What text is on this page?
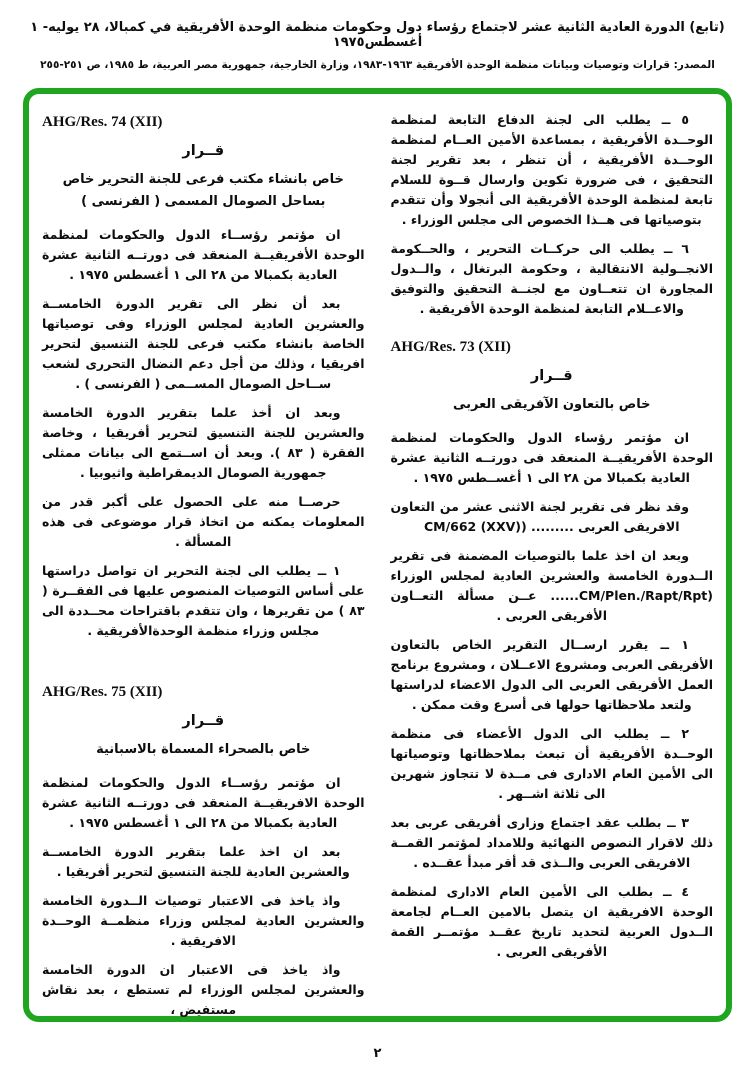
(تابع) الدورة العادية الثانية عشر لاجتماع رؤساء دول وحكومات منظمة الوحدة الأفريقية في كمبالا، ٢٨ يوليه- ١ أغسطس١٩٧٥
المصدر: قرارات وتوصيات وبيانات منظمة الوحدة الأفريقية ١٩٦٣-١٩٨٣، وزارة الخارجية، جمهورية مصر العربية، ط ١٩٨٥، ص ٢٥١-٢٥٥

٥ ــ يطلب الى لجنة الدفاع التابعة لمنظمة الوحــدة الأفريقية ، بمساعدة الأمين العــام لمنظمة الوحــدة الأفريقية ، أن تنظر ، بعد تقرير لجنة التحقيق ، فى ضرورة تكوين وارسال قــوة للسلام تابعة لمنظمة الوحدة الأفريقية الى أنجولا وأن تتقدم بتوصياتها فى هــذا الخصوص الى مجلس الوزراء .

٦ ــ يطلب الى حركــات التحرير ، والحــكومة الانجــولية الانتقالية ، وحكومة البرتغال ، والــدول المجاورة ان تتعــاون مع لجنــة التحقيق والتوفيق والاعــلام التابعة لمنظمة الوحدة الأفريقية .

AHG/Res. 73 (XII)
قــرار
خاص بالتعاون الآفريقى العربى

ان مؤتمر رؤساء الدول والحكومات لمنظمة الوحدة الأفريقيــة المنعقد فى دورتــه الثانية عشرة العادية بكمبالا من ٢٨ الى ١ أغســطس ١٩٧٥ .

وقد نظر فى تقرير لجنة الاثنى عشر من التعاون الافريقى العربى ......... (CM/662 (XXV)

وبعد ان اخذ علما بالتوصيات المضمنة فى تقرير الــدورة الخامسة والعشرين العادية لمجلس الوزراء (CM/Plen./Rapt/Rpt...... عــن مسألة التعــاون الأفريقى العربى .

١ ــ يقرر ارســال التقرير الخاص بالتعاون الأفريقى العربى ومشروع الاعــلان ، ومشروع برنامج العمل الأفريقى العربى الى الدول الاعضاء لدراستها ولتعد ملاحظاتها حولها فى أسرع وقت ممكن .

٢ ــ يطلب الى الدول الأعضاء فى منظمة الوحــدة الأفريقية أن تبعث بملاحظاتها وتوصياتها الى الأمين العام الادارى فى مــدة لا تتجاوز شهرين الى ثلاثة اشــهر .

٣ ــ بطلب عقد اجتماع وزارى أفريقى عربى بعد ذلك لاقرار النصوص النهائية وللامداد لمؤتمر القمــة الافريقى العربى والــذى قد أقر مبدأ عقــده .

٤ ــ بطلب الى الأمين العام الادارى لمنظمة الوحدة الافريقية ان يتصل بالامين العــام لجامعة الــدول العربية لتحديد تاريخ عقــد مؤتمــر القمة الأفريقى العربى .

AHG/Res. 74 (XII)
قــرار
خاص بانشاء مكتب فرعى للجنة التحرير خاص بساحل الصومال المسمى ( الفرنسى )

ان مؤتمر رؤســاء الدول والحكومات لمنظمة الوحدة الأفريقيــة المنعقد فى دورتــه الثانية عشرة العادية بكمبالا من ٢٨ الى ١ أغسطس ١٩٧٥ .

بعد أن نظر الى تقرير الدورة الخامســة والعشرين العادية لمجلس الوزراء وفى توصياتها الخاصة بانشاء مكتب فرعى للجنة التنسيق لتحرير افريقيا ، وذلك من أجل دعم النضال التحررى لشعب ســاحل الصومال المســمى ( الفرنسى ) .

وبعد ان أخذ علما بتقرير الدورة الخامسة والعشرين للجنة التنسيق لتحرير أفريقيا ، وخاصة الفقرة ( ٨٣ ). وبعد أن اســتمع الى بيانات ممثلى جمهورية الصومال الديمقراطية واثيوبيا .

حرصــا منه على الحصول على أكبر قدر من المعلومات يمكنه من اتخاذ قرار موضوعى فى هذه المسألة .

١ ــ يطلب الى لجنة التحرير ان تواصل دراستها على أساس التوصيات المنصوص عليها فى الفقــرة ( ٨٣ ) من تقريرها ، وان تتقدم باقتراحات محــددة الى مجلس وزراء منظمة الوحدةالأفريقية .

AHG/Res. 75 (XII)
قــرار
خاص بالصحراء المسماة بالاسبانية

ان مؤتمر رؤســاء الدول والحكومات لمنظمة الوحدة الافريقيــة المنعقد فى دورتــه الثانية عشرة العادية بكمبالا من ٢٨ الى ١ أغسطس ١٩٧٥ .

بعد ان اخذ علما بتقرير الدورة الخامســة والعشرين العادية للجنة التنسيق لتحرير أفريقيا .

واذ ياخذ فى الاعتبار توصيات الــدورة الخامسة والعشرين العادية لمجلس وزراء منظمــة الوحــدة الافريقية .

واذ ياخذ فى الاعتبار ان الدورة الخامسة والعشرين لمجلس الوزراء لم تستطع ، بعد نقاش مستفيض ،

٢
